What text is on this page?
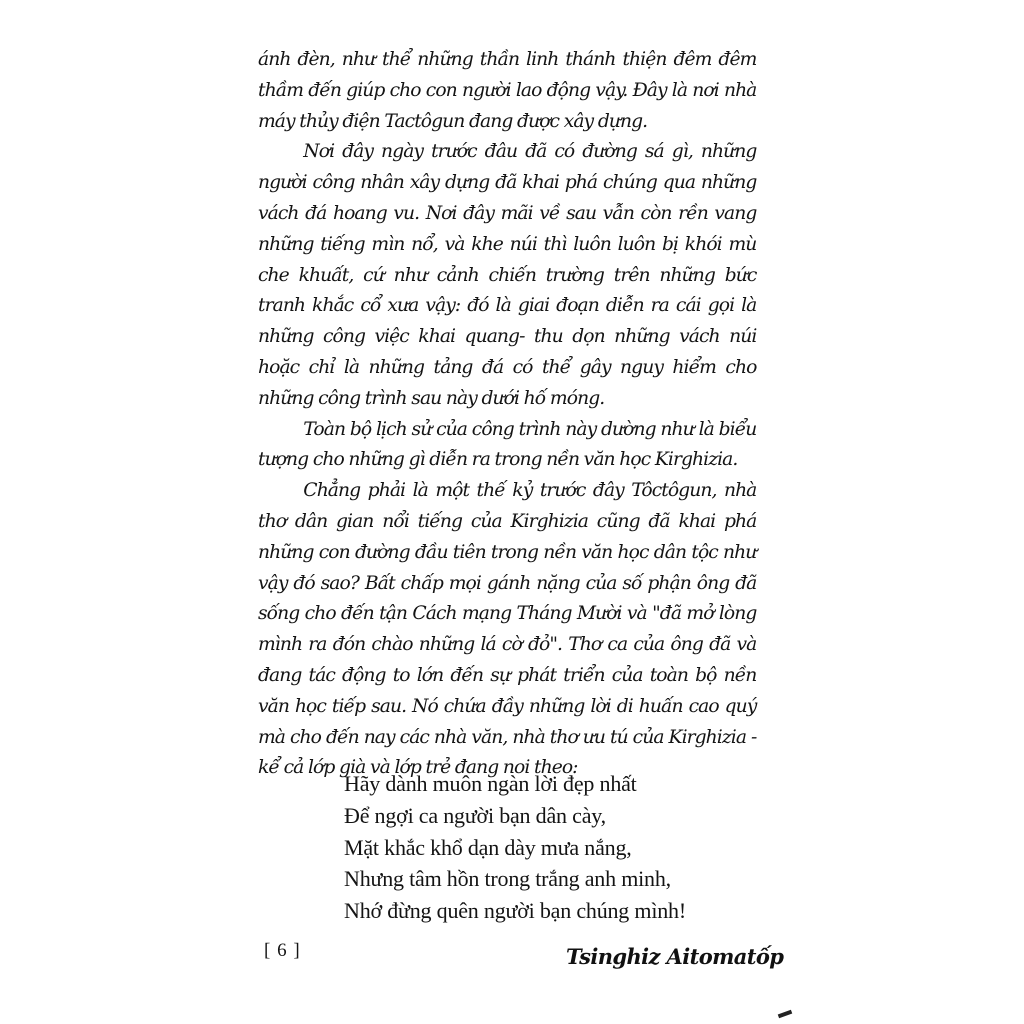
ánh đèn, như thể những thần linh thánh thiện đêm đêm thầm đến giúp cho con người lao động vậy. Đây là nơi nhà máy thủy điện Tactôgun đang được xây dựng.

Nơi đây ngày trước đâu đã có đường sá gì, những người công nhân xây dựng đã khai phá chúng qua những vách đá hoang vu. Nơi đây mãi về sau vẫn còn rền vang những tiếng mìn nổ, và khe núi thì luôn luôn bị khói mù che khuất, cứ như cảnh chiến trường trên những bức tranh khắc cổ xưa vậy: đó là giai đoạn diễn ra cái gọi là những công việc khai quang- thu dọn những vách núi hoặc chỉ là những tảng đá có thể gây nguy hiểm cho những công trình sau này dưới hố móng.

Toàn bộ lịch sử của công trình này dường như là biểu tượng cho những gì diễn ra trong nền văn học Kirghizia.

Chẳng phải là một thế kỷ trước đây Tôctôgun, nhà thơ dân gian nổi tiếng của Kirghizia cũng đã khai phá những con đường đầu tiên trong nền văn học dân tộc như vậy đó sao? Bất chấp mọi gánh nặng của số phận ông đã sống cho đến tận Cách mạng Tháng Mười và "đã mở lòng mình ra đón chào những lá cờ đỏ". Thơ ca của ông đã và đang tác động to lớn đến sự phát triển của toàn bộ nền văn học tiếp sau. Nó chứa đầy những lời di huấn cao quý mà cho đến nay các nhà văn, nhà thơ ưu tú của Kirghizia - kể cả lớp già và lớp trẻ đang noi theo:

Hãy dành muôn ngàn lời đẹp nhất
Để ngợi ca người bạn dân cày,
Mặt khắc khổ dạn dày mưa nắng,
Nhưng tâm hồn trong trắng anh minh,
Nhớ đừng quên người bạn chúng mình!
[ 6 ]	Tsinghiz Aitomatốp
